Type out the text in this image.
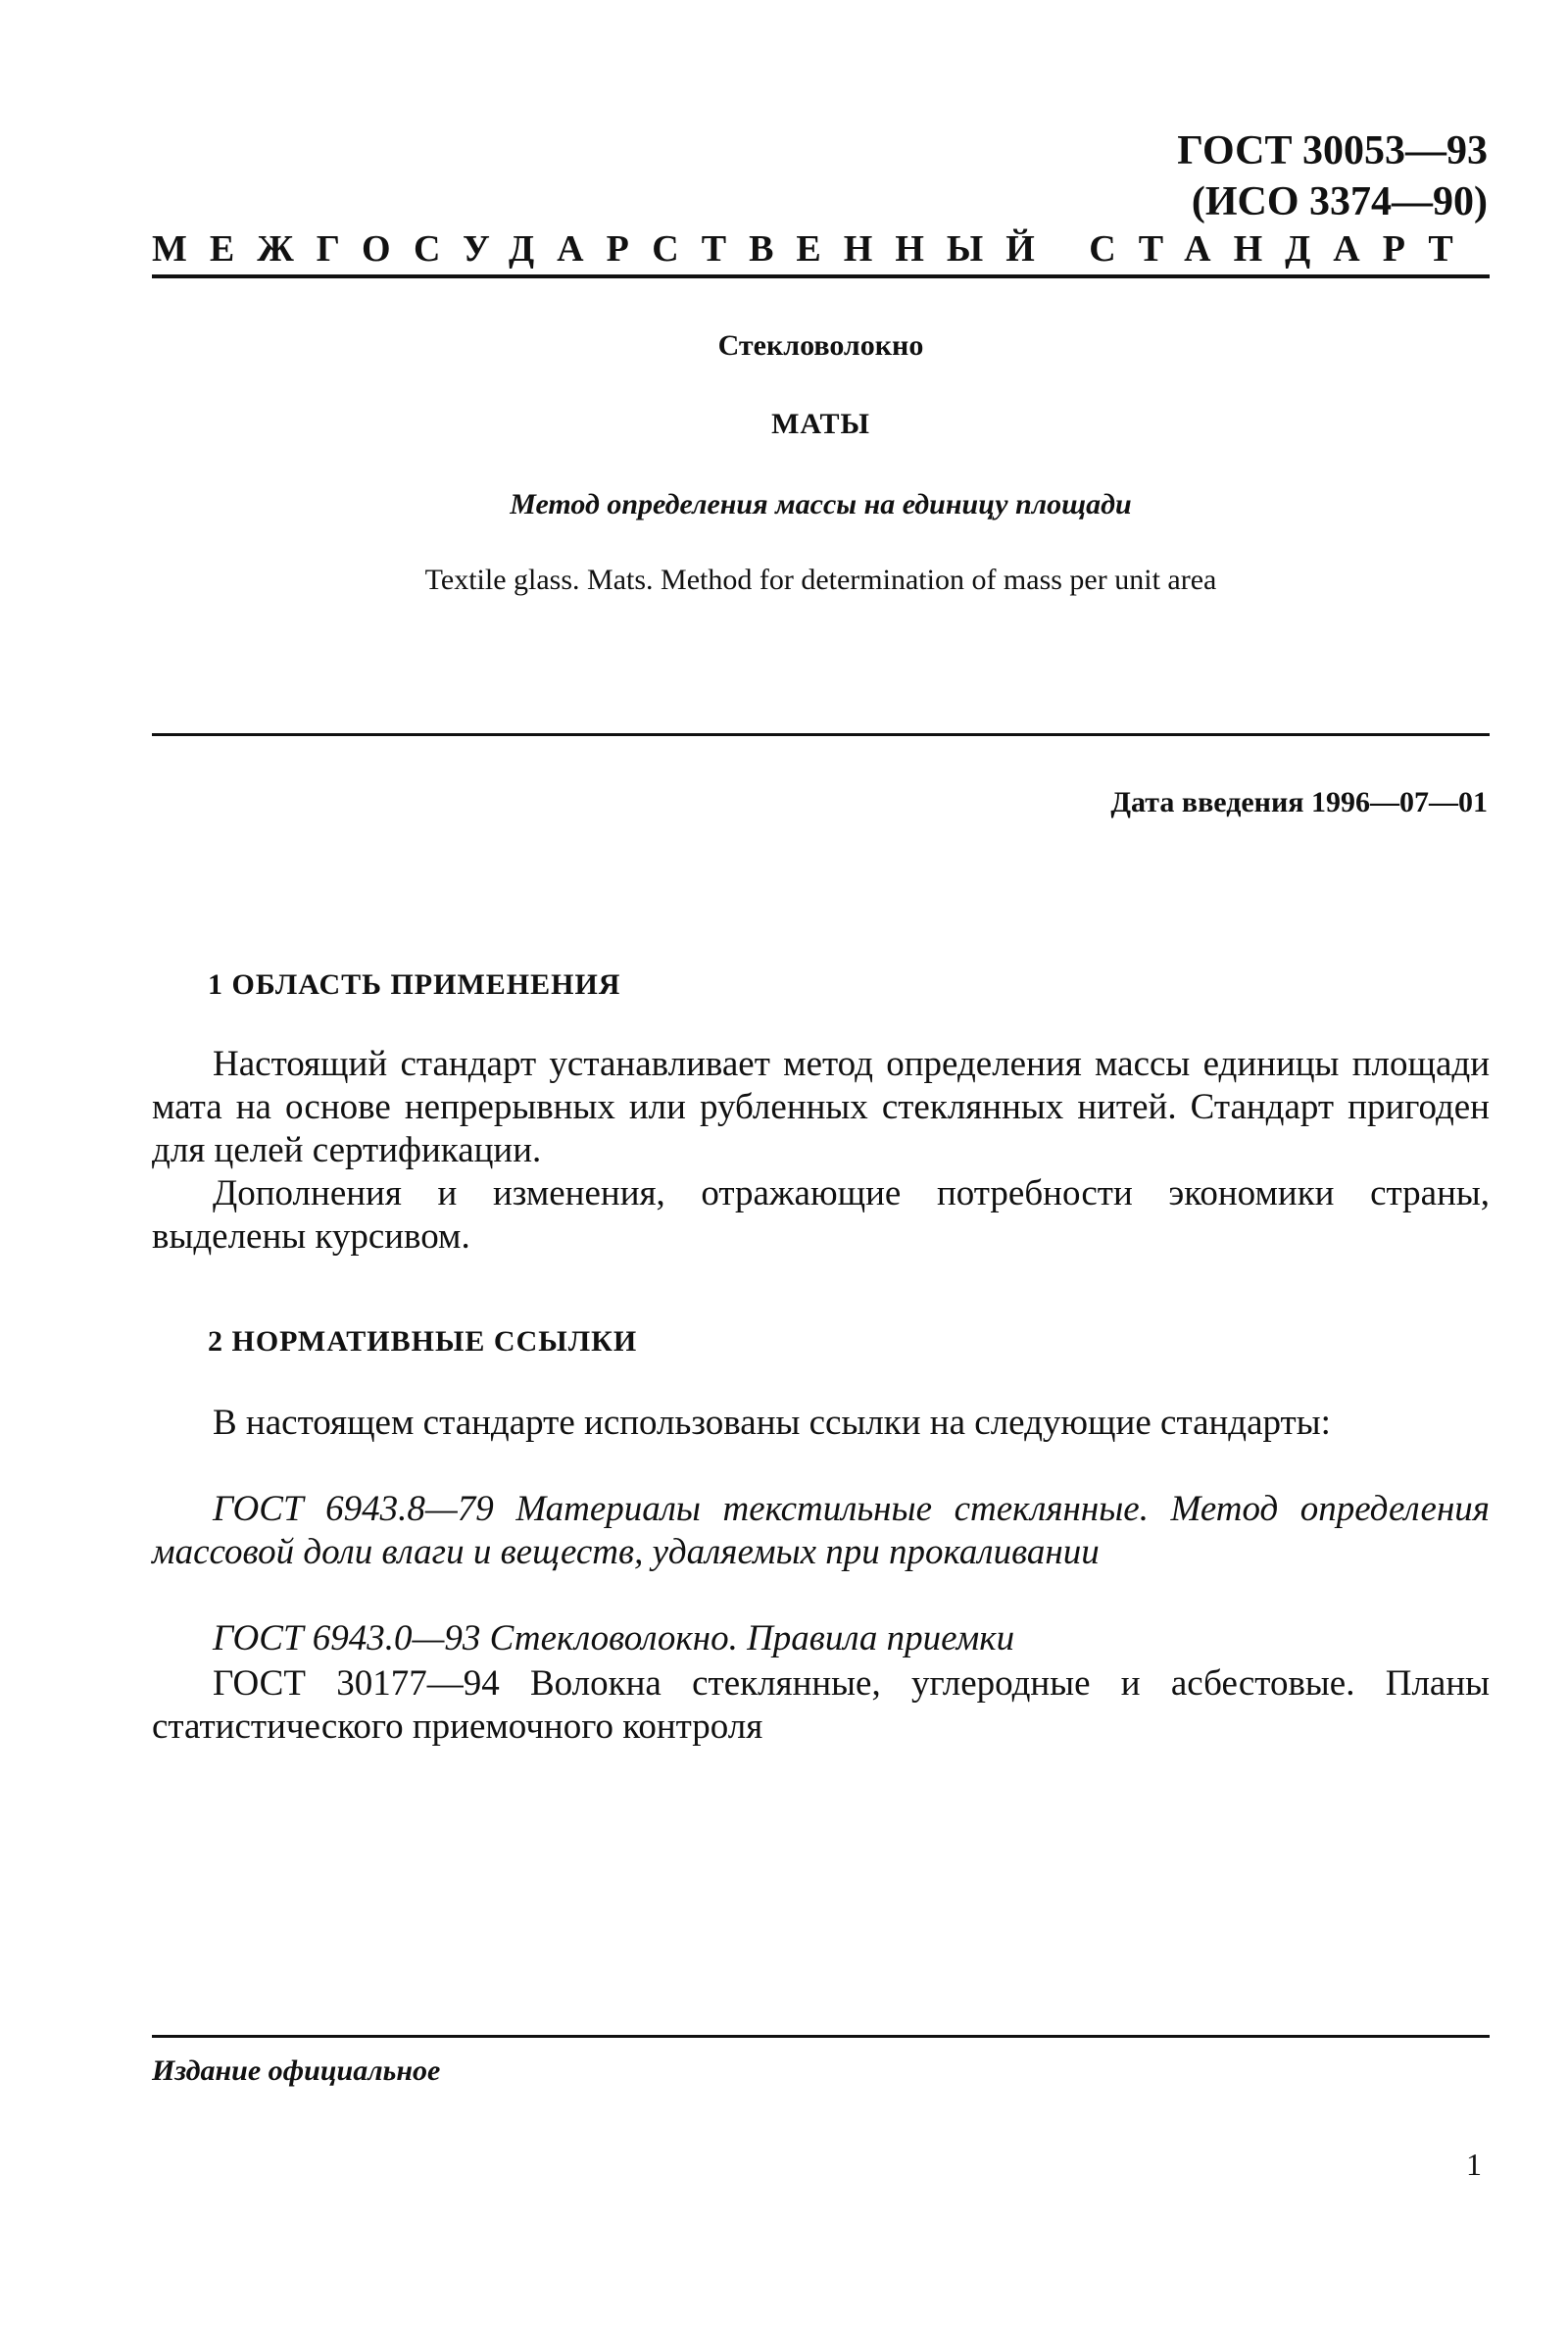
ГОСТ 30053—93
(ИСО 3374—90)
МЕЖГОСУДАРСТВЕННЫЙ СТАНДАРТ
Стекловолокно
МАТЫ
Метод определения массы на единицу площади
Textile glass. Mats. Method for determination of mass per unit area
Дата введения 1996—07—01
1 ОБЛАСТЬ ПРИМЕНЕНИЯ

Настоящий стандарт устанавливает метод определения массы единицы площади мата на основе непрерывных или рубленных стеклянных нитей. Стандарт пригоден для целей сертификации.

Дополнения и изменения, отражающие потребности экономики страны, выделены курсивом.

2 НОРМАТИВНЫЕ ССЫЛКИ

В настоящем стандарте использованы ссылки на следующие стандарты:

ГОСТ 6943.8—79 Материалы текстильные стеклянные. Метод определения массовой доли влаги и веществ, удаляемых при прокаливании

ГОСТ 6943.0—93 Стекловолокно. Правила приемки

ГОСТ 30177—94 Волокна стеклянные, углеродные и асбестовые. Планы статистического приемочного контроля

Издание официальное
1
